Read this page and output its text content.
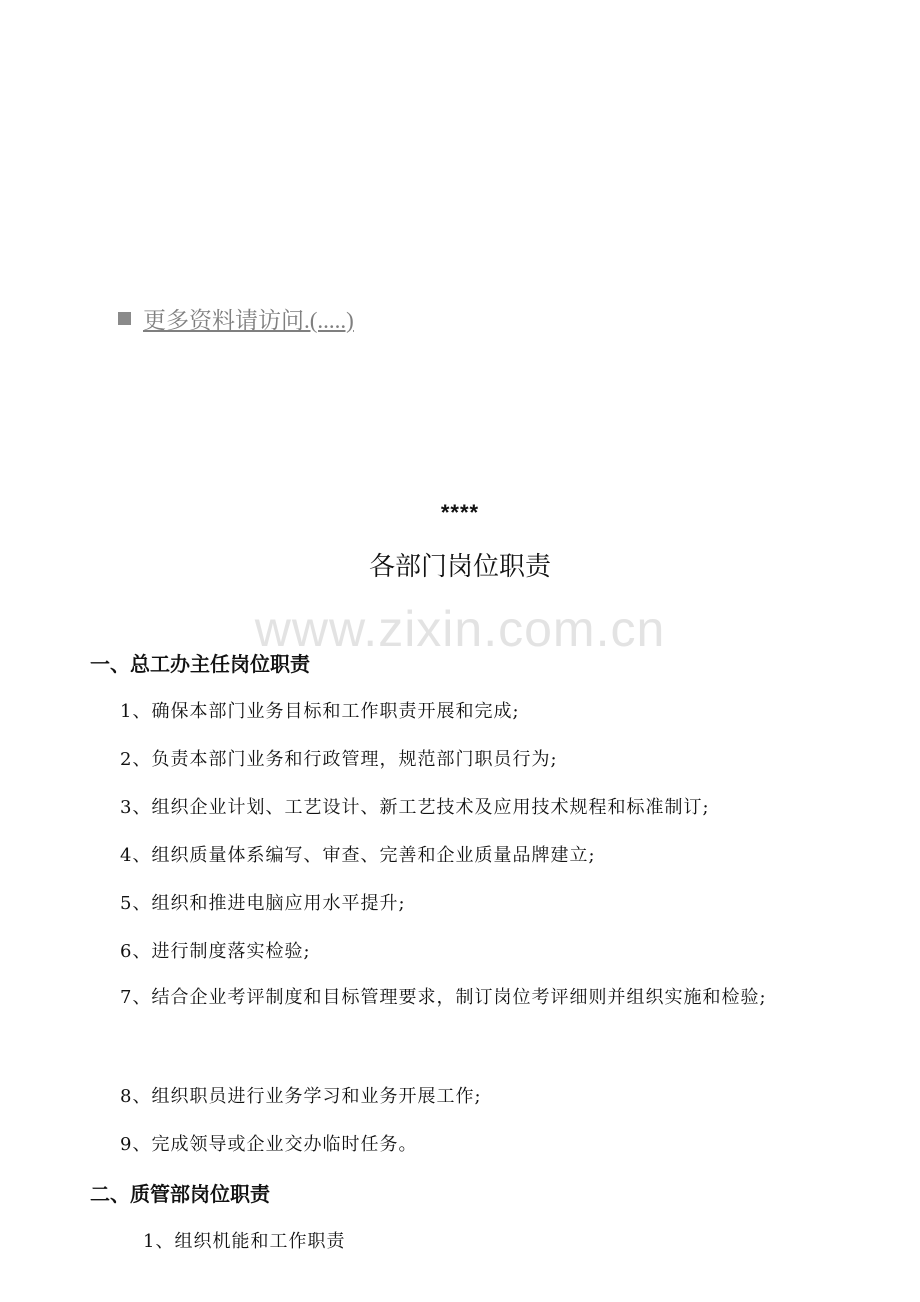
更多资料请访问.(.....)
****
各部门岗位职责
www.zixin.com.cn
一、总工办主任岗位职责
1、确保本部门业务目标和工作职责开展和完成;
2、负责本部门业务和行政管理，规范部门职员行为;
3、组织企业计划、工艺设计、新工艺技术及应用技术规程和标准制订;
4、组织质量体系编写、审查、完善和企业质量品牌建立;
5、组织和推进电脑应用水平提升;
6、进行制度落实检验;
7、结合企业考评制度和目标管理要求，制订岗位考评细则并组织实施和检验;
8、组织职员进行业务学习和业务开展工作;
9、完成领导或企业交办临时任务。
二、质管部岗位职责
1、组织机能和工作职责
